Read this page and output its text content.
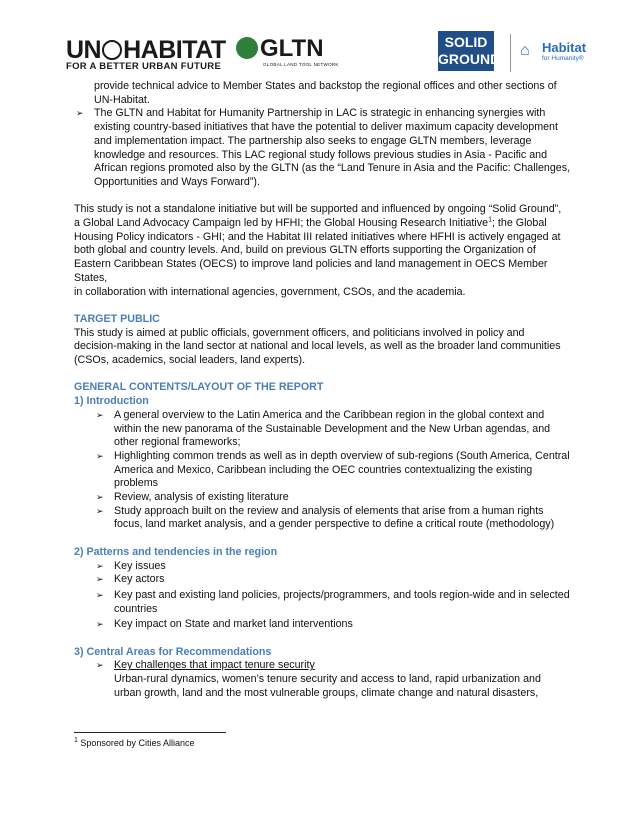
UN HABITAT
FOR A BETTER URBAN FUTURE
GLTN
GLOBAL LAND TOOL NETWORK
SOLID
GROUND ⌂ Habitat
for Humanity®

provide technical advice to Member States and backstop the regional offices and other sections of

UN-Habitat.

➢ The GLTN and Habitat for Humanity Partnership in LAC is strategic in enhancing synergies with

existing country-based initiatives that have the potential to deliver maximum capacity development

and implementation impact. The partnership also seeks to engage GLTN members, leverage

knowledge and resources. This LAC regional study follows previous studies in Asia - Pacific and

African regions promoted also by the GLTN (as the “Land Tenure in Asia and the Pacific: Challenges,

Opportunities and Ways Forward”).

This study is not a standalone initiative but will be supported and influenced by ongoing “Solid Ground”,

a Global Land Advocacy Campaign led by HFHI; the Global Housing Research Initiative$^1$; the Global

Housing Policy indicators - GHI; and the Habitat III related initiatives where HFHI is actively engaged at

both global and country levels. And, build on previous GLTN efforts supporting the Organization of

Eastern Caribbean States (OECS) to improve land policies and land management in OECS Member States,

in collaboration with international agencies, government, CSOs, and the academia.

TARGET PUBLIC

This study is aimed at public officials, government officers, and politicians involved in policy and

decision-making in the land sector at national and local levels, as well as the broader land communities

(CSOs, academics, social leaders, land experts).

GENERAL CONTENTS/LAYOUT OF THE REPORT

1) Introduction

➢ A general overview to the Latin America and the Caribbean region in the global context and

within the new panorama of the Sustainable Development and the New Urban agendas, and

other regional frameworks;

➢ Highlighting common trends as well as in depth overview of sub-regions (South America, Central

America and Mexico, Caribbean including the OEC countries contextualizing the existing

problems

➢ Review, analysis of existing literature

➢ Study approach built on the review and analysis of elements that arise from a human rights

focus, land market analysis, and a gender perspective to define a critical route (methodology)

2) Patterns and tendencies in the region

➢ Key issues

➢ Key actors

➢ Key past and existing land policies, projects/programmers, and tools region-wide and in selected

countries

➢ Key impact on State and market land interventions

3) Central Areas for Recommendations

➢ Key challenges that impact tenure security

Urban-rural dynamics, women’s tenure security and access to land, rapid urbanization and

urban growth, land and the most vulnerable groups, climate change and natural disasters,

$^1$ Sponsored by Cities Alliance
